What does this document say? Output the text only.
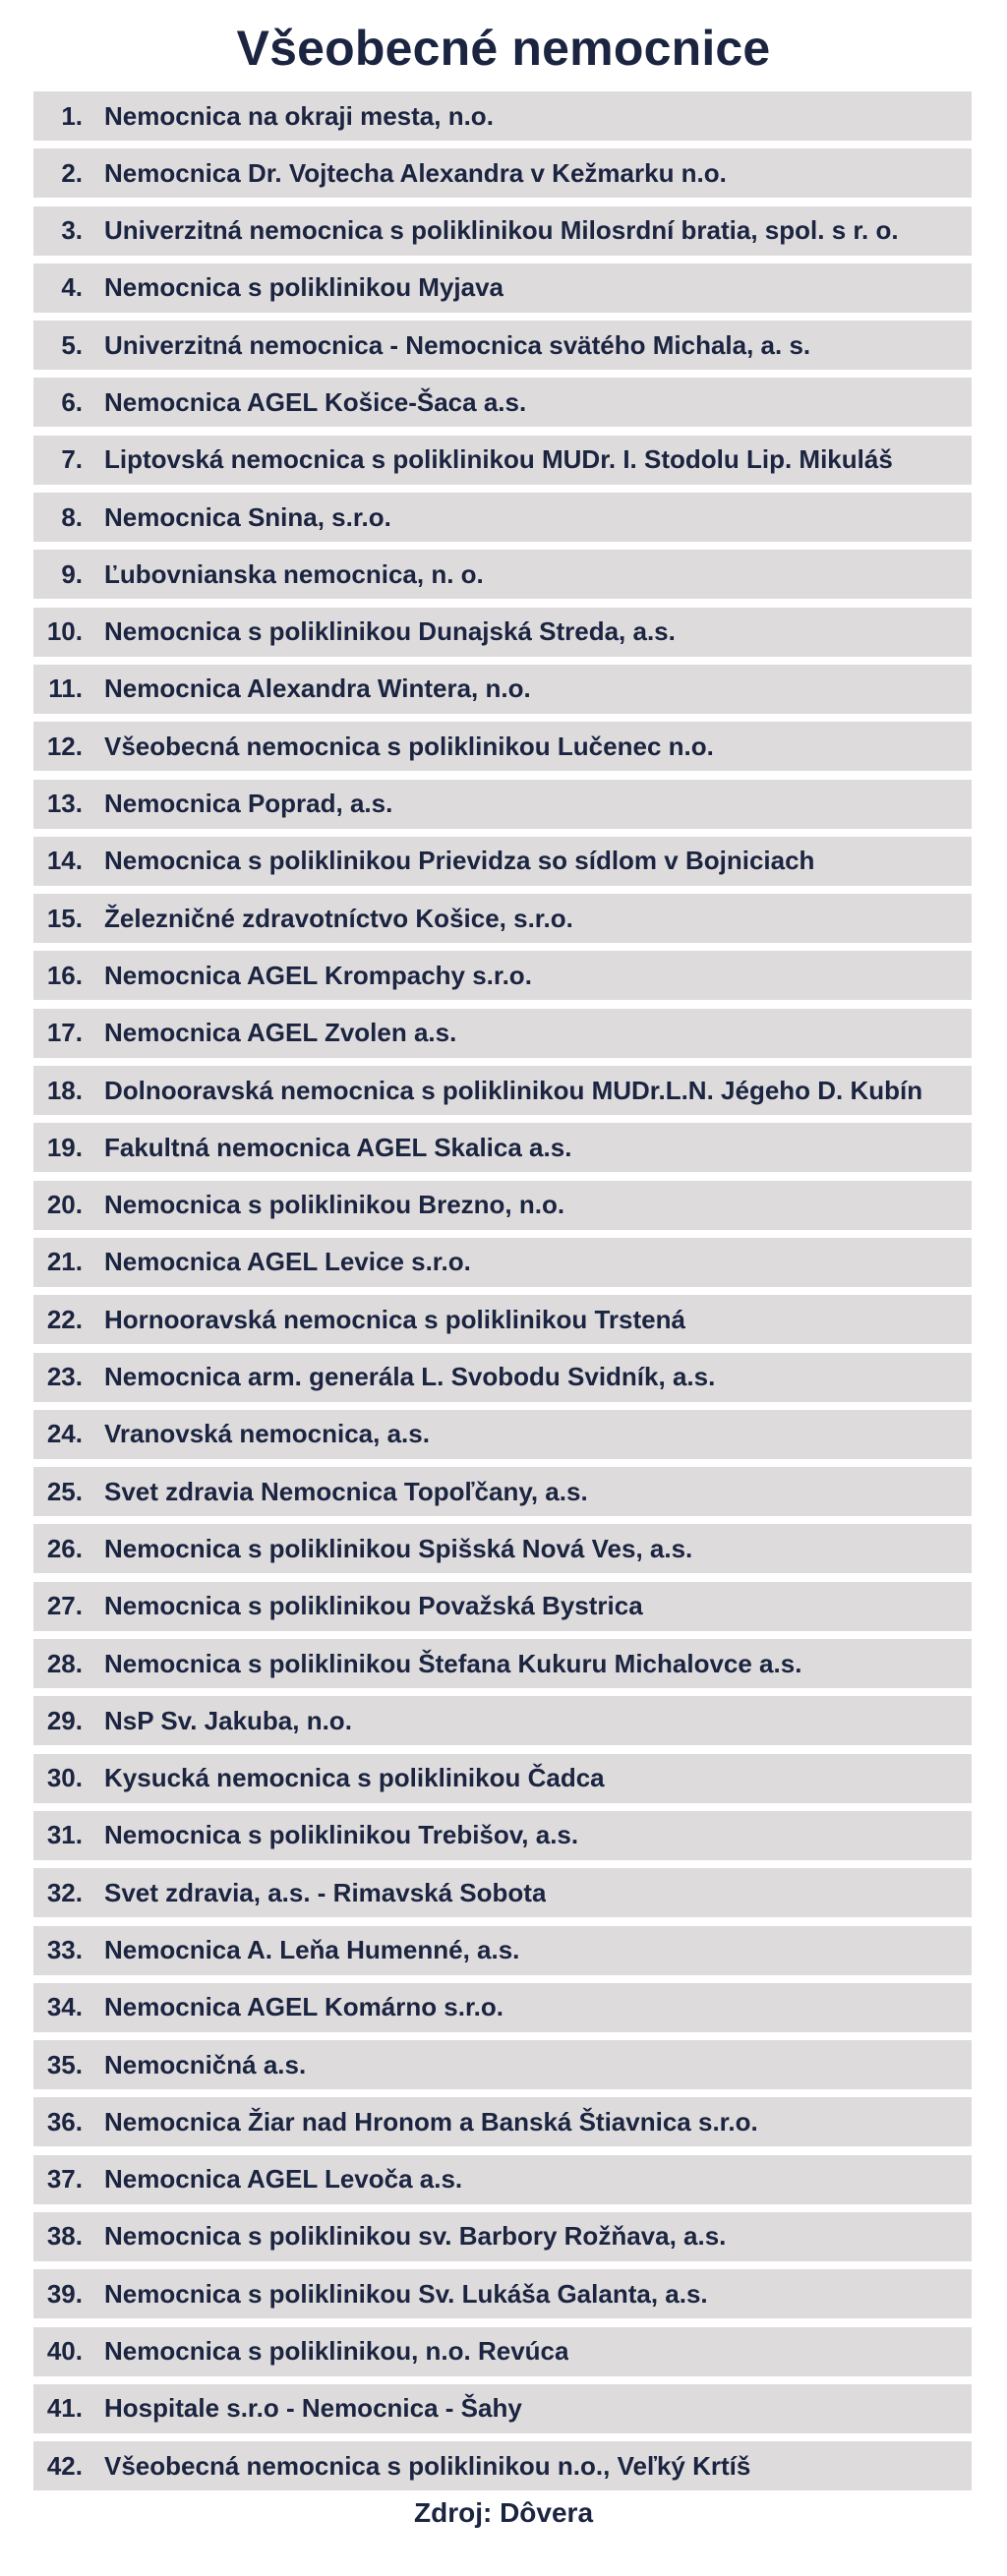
Všeobecné nemocnice
1. Nemocnica na okraji mesta, n.o.
2. Nemocnica Dr. Vojtecha Alexandra v Kežmarku n.o.
3. Univerzitná nemocnica s poliklinikou Milosrdní bratia, spol. s r. o.
4. Nemocnica s poliklinikou Myjava
5. Univerzitná nemocnica - Nemocnica svätého Michala, a. s.
6. Nemocnica AGEL Košice-Šaca a.s.
7. Liptovská nemocnica s poliklinikou MUDr. I. Stodolu Lip. Mikuláš
8. Nemocnica Snina, s.r.o.
9. Ľubovnianska nemocnica, n. o.
10. Nemocnica s poliklinikou Dunajská Streda, a.s.
11. Nemocnica Alexandra Wintera, n.o.
12. Všeobecná nemocnica s poliklinikou Lučenec n.o.
13. Nemocnica Poprad, a.s.
14. Nemocnica s poliklinikou Prievidza so sídlom v Bojniciach
15. Železničné zdravotníctvo Košice, s.r.o.
16. Nemocnica AGEL Krompachy s.r.o.
17. Nemocnica AGEL Zvolen a.s.
18. Dolnooravská nemocnica s poliklinikou MUDr.L.N. Jégeho D. Kubín
19. Fakultná nemocnica AGEL Skalica a.s.
20. Nemocnica s poliklinikou Brezno, n.o.
21. Nemocnica AGEL Levice s.r.o.
22. Hornooravská nemocnica s poliklinikou Trstená
23. Nemocnica arm. generála L. Svobodu Svidník, a.s.
24. Vranovská nemocnica, a.s.
25. Svet zdravia Nemocnica Topoľčany, a.s.
26. Nemocnica s poliklinikou Spišská Nová Ves, a.s.
27. Nemocnica s poliklinikou Považská Bystrica
28. Nemocnica s poliklinikou Štefana Kukuru Michalovce a.s.
29. NsP Sv. Jakuba, n.o.
30. Kysucká nemocnica s poliklinikou Čadca
31. Nemocnica s poliklinikou Trebišov, a.s.
32. Svet zdravia, a.s. - Rimavská Sobota
33. Nemocnica A. Leňa Humenné, a.s.
34. Nemocnica AGEL Komárno s.r.o.
35. Nemocničná a.s.
36. Nemocnica Žiar nad Hronom a Banská Štiavnica s.r.o.
37. Nemocnica AGEL Levoča a.s.
38. Nemocnica s poliklinikou sv. Barbory Rožňava, a.s.
39. Nemocnica s poliklinikou Sv. Lukáša Galanta, a.s.
40. Nemocnica s poliklinikou, n.o. Revúca
41. Hospitale s.r.o - Nemocnica - Šahy
42. Všeobecná nemocnica s poliklinikou n.o., Veľký Krtíš
Zdroj: Dôvera
